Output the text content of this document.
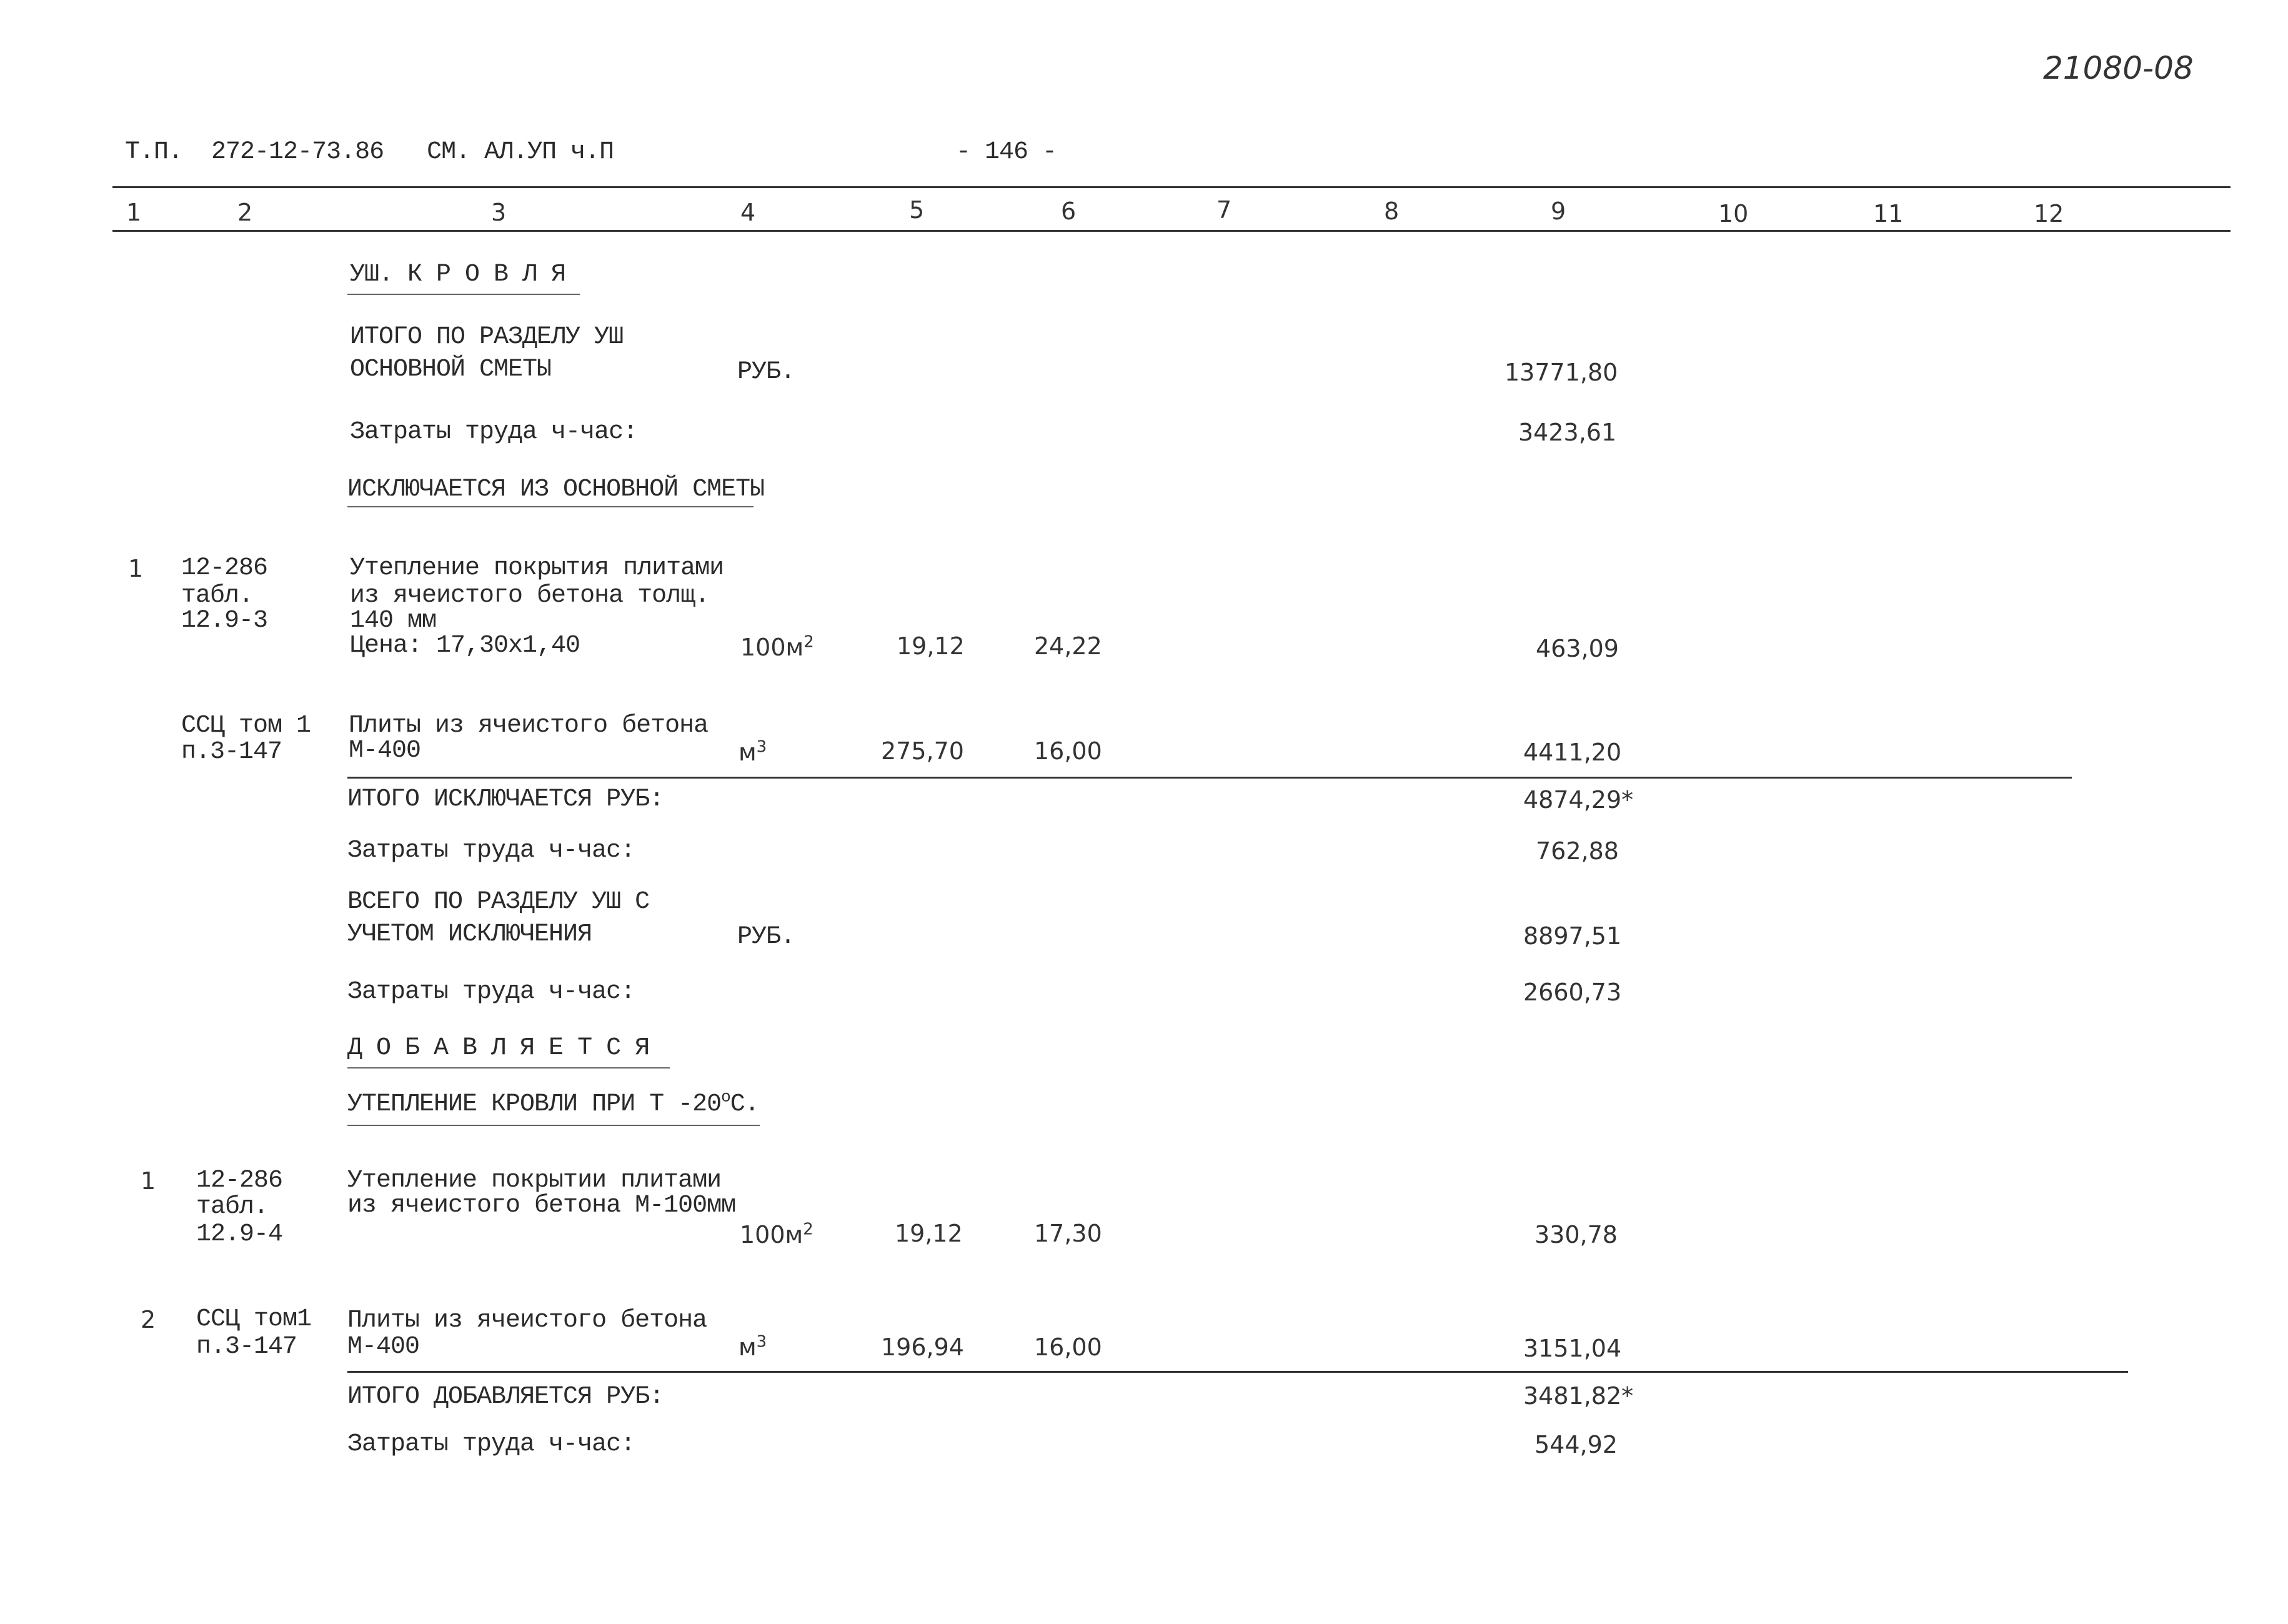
21080-08
Т.П.  272-12-73.86   СМ. АЛ.УП ч.П	- 146 -
1	2	3	4	5	6	7	8	9	10	11	12
УШ. К Р О В Л Я
ИТОГО ПО РАЗДЕЛУ УШ
ОСНОВНОЙ СМЕТЫ	РУБ.	13771,80
Затраты труда ч-час:	3423,61
ИСКЛЮЧАЕТСЯ ИЗ ОСНОВНОЙ СМЕТЫ
1 12-286
табл.
12.9-3
Утепление покрытия плитами
из ячеистого бетона толщ.
140 мм
Цена: 17,30х1,40	$100м^2$	19,12	24,22	463,09
ССЦ том 1
п.3-147
Плиты из ячеистого бетона
М-400	$м^3$	275,70	16,00	4411,20
ИТОГО ИСКЛЮЧАЕТСЯ РУБ:	4874,29*
Затраты труда ч-час:	762,88
ВСЕГО ПО РАЗДЕЛУ УШ С
УЧЕТОМ ИСКЛЮЧЕНИЯ	РУБ.	8897,51
Затраты труда ч-час:	2660,73
Д О Б А В Л Я Е Т С Я
УТЕПЛЕНИЕ КРОВЛИ ПРИ Т $-20^оС$.
1 12-286
табл.
12.9-4
Утепление покрытии плитами
из ячеистого бетона М-100мм
$100м^2$	19,12	17,30	330,78
2 ССЦ том1
п.3-147
Плиты из ячеистого бетона
М-400	$м^3$	196,94	16,00	3151,04
ИТОГО ДОБАВЛЯЕТСЯ РУБ:	3481,82*
Затраты труда ч-час:	544,92
